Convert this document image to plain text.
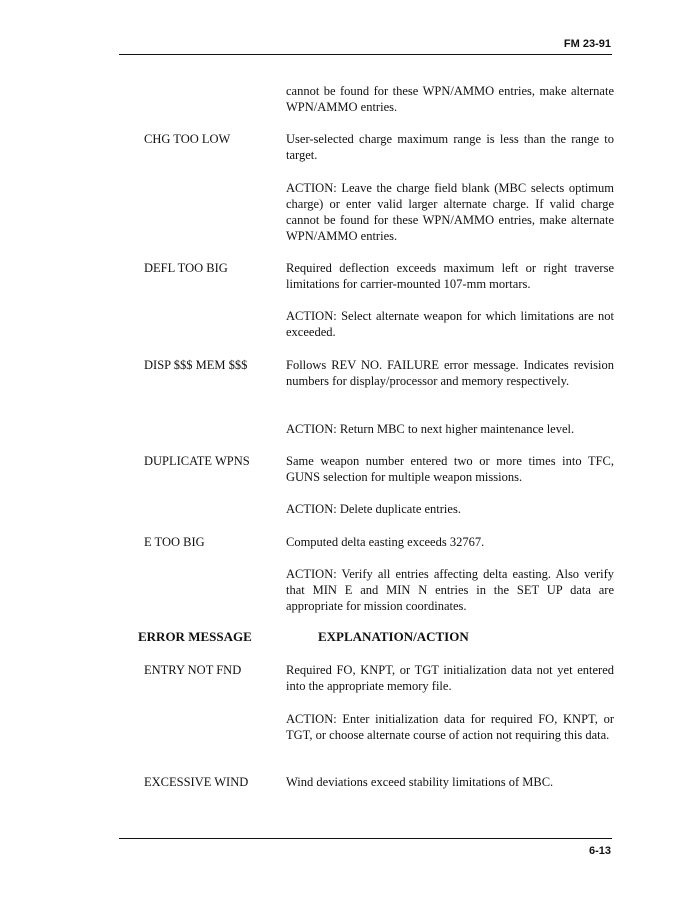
FM 23-91

cannot be found for these WPN/AMMO entries, make alternate WPN/AMMO entries.

CHG TOO LOW	User-selected charge maximum range is less than the range to target.

ACTION: Leave the charge field blank (MBC selects optimum charge) or enter valid larger alternate charge. If valid charge cannot be found for these WPN/AMMO entries, make alternate WPN/AMMO entries.

DEFL TOO BIG	Required deflection exceeds maximum left or right traverse limitations for carrier-mounted 107-mm mortars.

ACTION: Select alternate weapon for which limitations are not exceeded.

DISP $$$ MEM $$$	Follows REV NO. FAILURE error message. Indicates revision numbers for display/processor and memory respectively.

ACTION: Return MBC to next higher maintenance level.

DUPLICATE WPNS	Same weapon number entered two or more times into TFC, GUNS selection for multiple weapon missions.

ACTION: Delete duplicate entries.

E TOO BIG	Computed delta easting exceeds 32767.

ACTION: Verify all entries affecting delta easting. Also verify that MIN E and MIN N entries in the SET UP data are appropriate for mission coordinates.

ERROR MESSAGE	EXPLANATION/ACTION

ENTRY NOT FND	Required FO, KNPT, or TGT initialization data not yet entered into the appropriate memory file.

ACTION: Enter initialization data for required FO, KNPT, or TGT, or choose alternate course of action not requiring this data.

EXCESSIVE WIND	Wind deviations exceed stability limitations of MBC.

6-13
